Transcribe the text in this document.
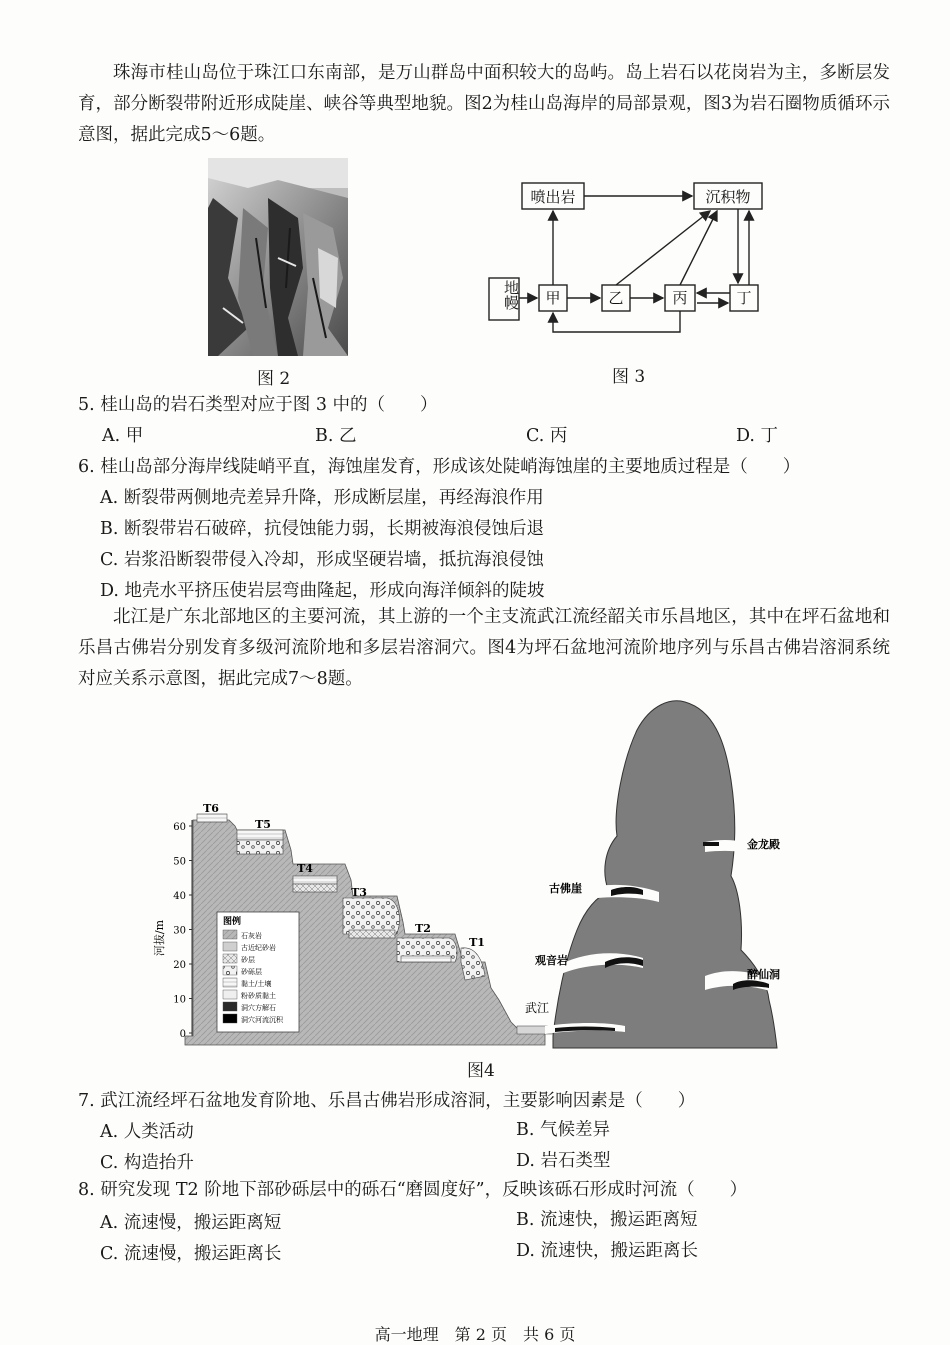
珠海市桂山岛位于珠江口东南部，是万山群岛中面积较大的岛屿。岛上岩石以花岗岩为主，多断层发育，部分断裂带附近形成陡崖、峡谷等典型地貌。图2为桂山岛海岸的局部景观，图3为岩石圈物质循环示意图，据此完成5～6题。
图 2
喷出岩	沉积物
甲	乙	丙	丁
地幔
图 3
5. 桂山岛的岩石类型对应于图 3 中的（　　）
A. 甲	B. 乙	C. 丙	D. 丁
6. 桂山岛部分海岸线陡峭平直，海蚀崖发育，形成该处陡峭海蚀崖的主要地质过程是（　　）
A. 断裂带两侧地壳差异升降，形成断层崖，再经海浪作用
B. 断裂带岩石破碎，抗侵蚀能力弱，长期被海浪侵蚀后退
C. 岩浆沿断裂带侵入冷却，形成坚硬岩墙，抵抗海浪侵蚀
D. 地壳水平挤压使岩层弯曲隆起，形成向海洋倾斜的陡坡
北江是广东北部地区的主要河流，其上游的一个主支流武江流经韶关市乐昌地区，其中在坪石盆地和乐昌古佛岩分别发育多级河流阶地和多层岩溶洞穴。图4为坪石盆地河流阶地序列与乐昌古佛岩溶洞系统对应关系示意图，据此完成7～8题。
0
10
20
30
40
50
60
河拔/m
T6
T5
T4
T3
T2
T1
武江
金龙殿
古佛崖
观音岩
醉仙洞
图例
石灰岩
古近纪砂岩
砂层
砂砾层
黏土/土壤
粉砂质黏土
洞穴方解石
洞穴河流沉积
图4
7. 武江流经坪石盆地发育阶地、乐昌古佛岩形成溶洞，主要影响因素是（　　）
A. 人类活动	B. 气候差异
C. 构造抬升	D. 岩石类型
8. 研究发现 T2 阶地下部砂砾层中的砾石“磨圆度好”，反映该砾石形成时河流（　　）
A. 流速慢，搬运距离短	B. 流速快，搬运距离短
C. 流速慢，搬运距离长	D. 流速快，搬运距离长
高一地理　第 2 页　共 6 页
